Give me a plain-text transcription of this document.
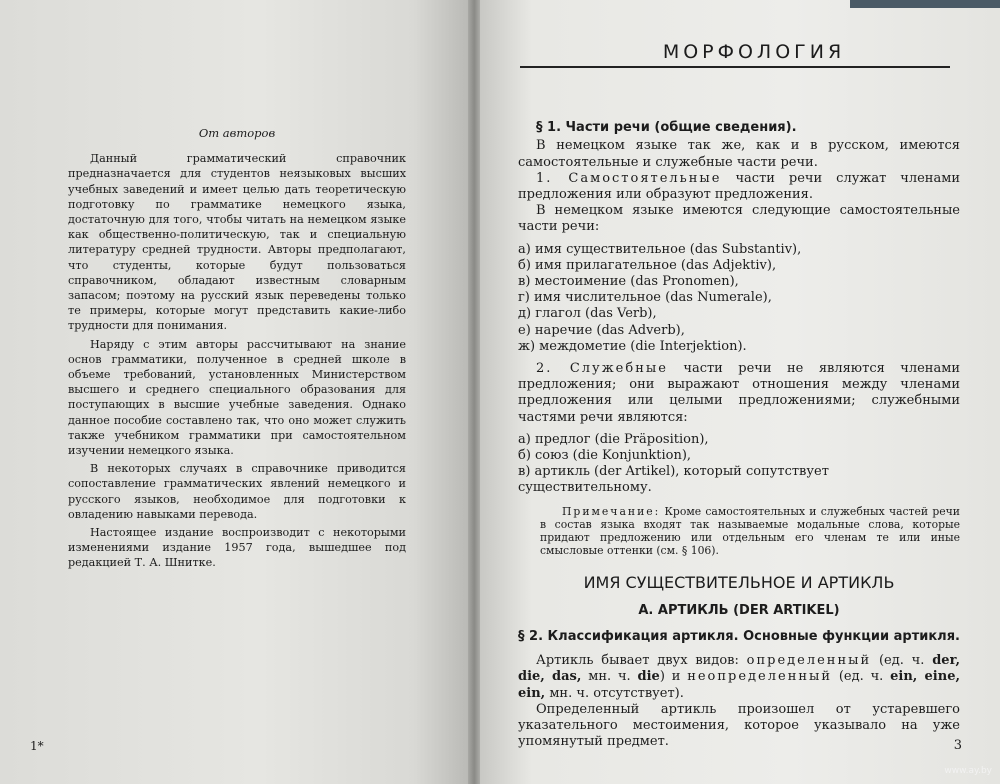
От авторов

Данный грамматический справочник предназначается для студентов неязыковых высших учебных заведений и имеет целью дать теоретическую подготовку по грамматике немецкого языка, достаточную для того, чтобы читать на немецком языке как общественно-политическую, так и специальную литературу средней трудности. Авторы предполагают, что студенты, которые будут пользоваться справочником, обладают известным словарным запасом; поэтому на русский язык переведены только те примеры, которые могут представить какие-либо трудности для понимания.

Наряду с этим авторы рассчитывают на знание основ грамматики, полученное в средней школе в объеме требований, установленных Министерством высшего и среднего специального образования для поступающих в высшие учебные заведения. Однако данное пособие составлено так, что оно может служить также учебником грамматики при самостоятельном изучении немецкого языка.

В некоторых случаях в справочнике приводится сопоставление грамматических явлений немецкого и русского языков, необходимое для подготовки к овладению навыками перевода.

Настоящее издание воспроизводит с некоторыми изменениями издание 1957 года, вышедшее под редакцией Т. А. Шнитке.

1*
МОРФОЛОГИЯ
§ 1. Части речи (общие сведения).

В немецком языке так же, как и в русском, имеются самостоятельные и служебные части речи.

1. Самостоятельные части речи служат членами предложения или образуют предложения.

В немецком языке имеются следующие самостоятельные части речи:

а) имя существительное (das Substantiv),
б) имя прилагательное (das Adjektiv),
в) местоимение (das Pronomen),
г) имя числительное (das Numerale),
д) глагол (das Verb),
е) наречие (das Adverb),
ж) междометие (die Interjektion).

2. Служебные части речи не являются членами предложения; они выражают отношения между членами предложения или целыми предложениями; служебными частями речи являются:

а) предлог (die Präposition),
б) союз (die Konjunktion),
в) артикль (der Artikel), который сопутствует существительному.

Примечание: Кроме самостоятельных и служебных частей речи в состав языка входят так называемые модальные слова, которые придают предложению или отдельным его членам те или иные смысловые оттенки (см. § 106).

ИМЯ СУЩЕСТВИТЕЛЬНОЕ И АРТИКЛЬ
А. АРТИКЛЬ (DER ARTIKEL)
§ 2. Классификация артикля. Основные функции артикля.

Артикль бывает двух видов: определенный (ед. ч. der, die, das, мн. ч. die) и неопределенный (ед. ч. ein, eine, ein, мн. ч. отсутствует).

Определенный артикль произошел от устаревшего указательного местоимения, которое указывало на уже упомянутый предмет.	3
www.ay.by
